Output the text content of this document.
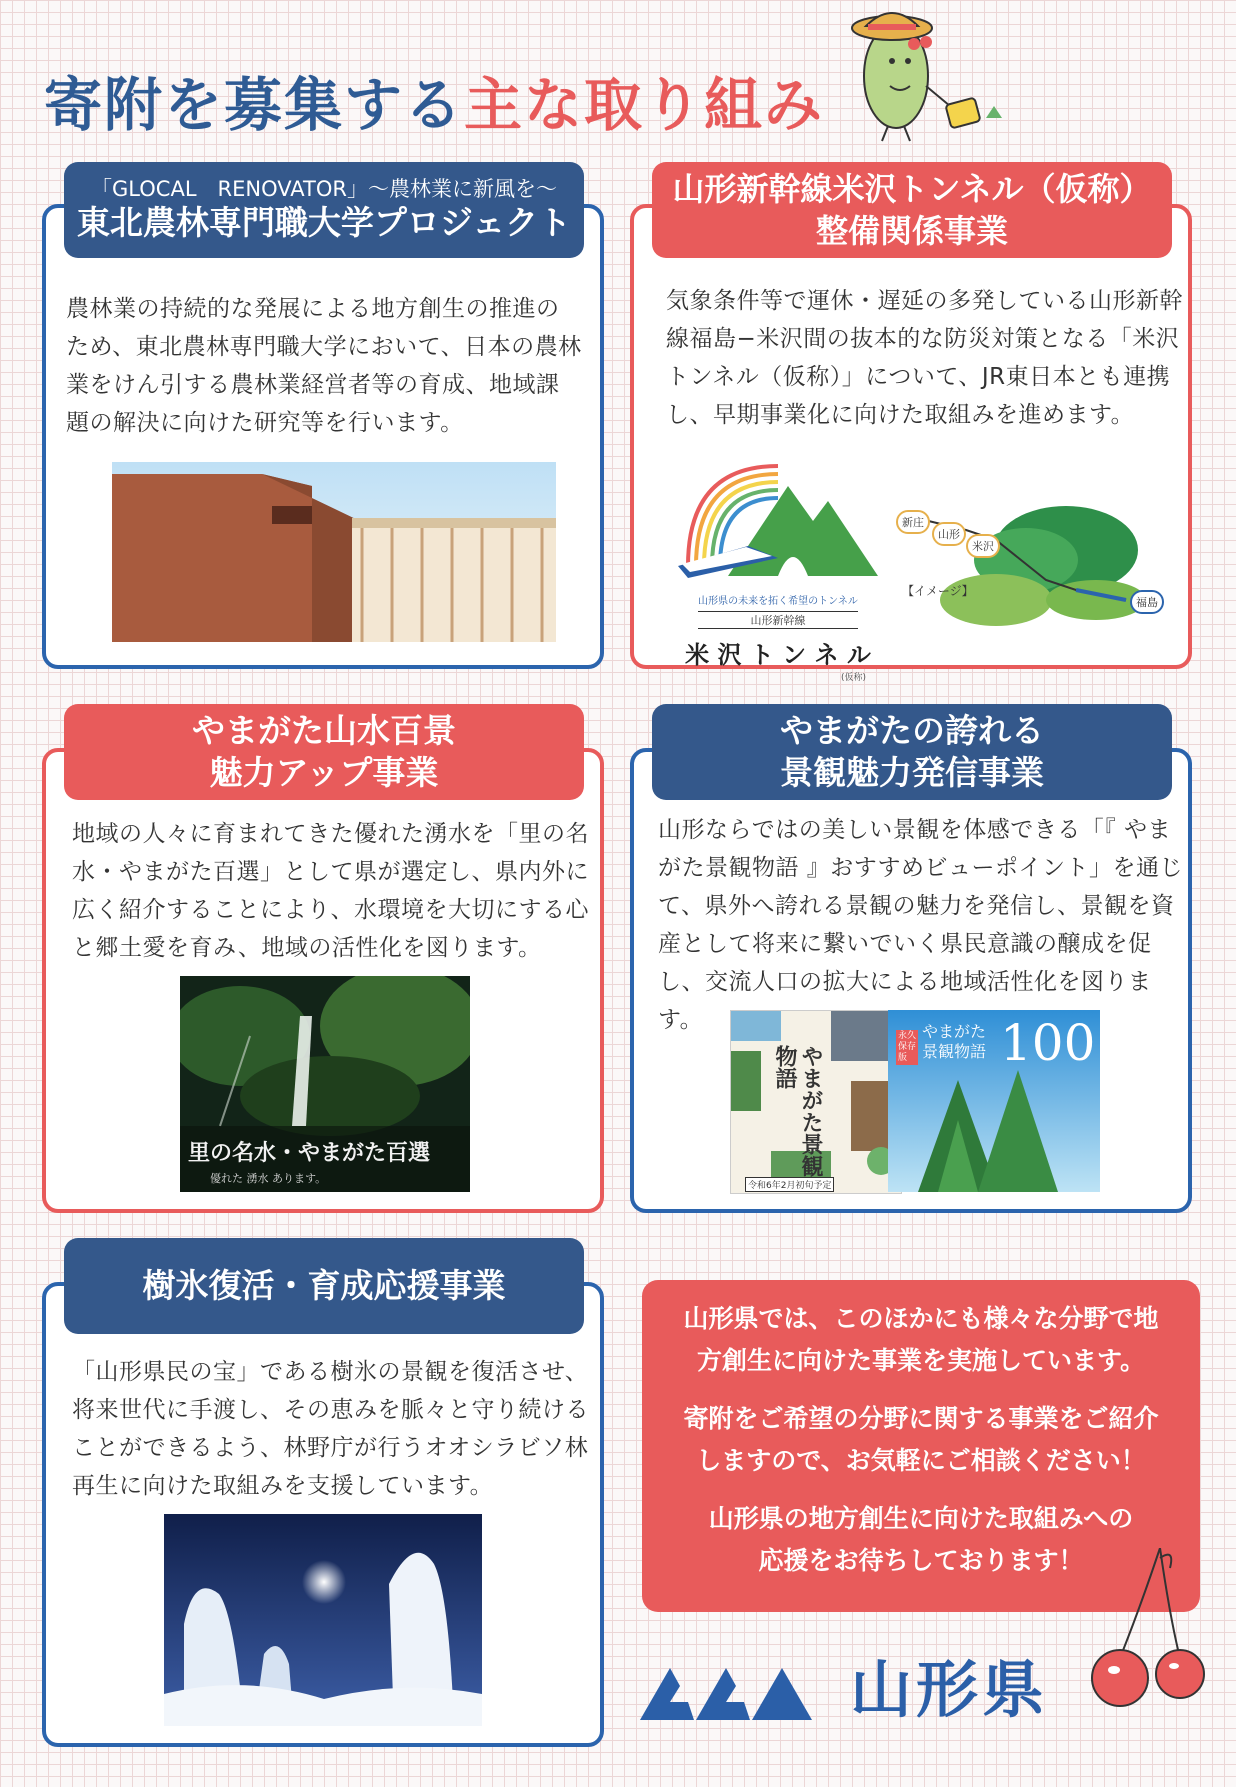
寄附を募集する主な取り組み
「GLOCAL　RENOVATOR」～農林業に新風を～
東北農林専門職大学プロジェクト
農林業の持続的な発展による地方創生の推進のため、東北農林専門職大学において、日本の農林業をけん引する農林業経営者等の育成、地域課題の解決に向けた研究等を行います。
山形新幹線米沢トンネル（仮称）
整備関係事業
気象条件等で運休・遅延の多発している山形新幹線福島−米沢間の抜本的な防災対策となる「米沢トンネル（仮称）」について、JR東日本とも連携し、早期事業化に向けた取組みを進めます。
山形県の未来を拓く希望のトンネル
山形新幹線
米 沢 ト ン ネ ル
(仮称)
新庄
山形
米沢
福島
【イメージ】
やまがた山水百景
魅力アップ事業
地域の人々に育まれてきた優れた湧水を「里の名水・やまがた百選」として県が選定し、県内外に広く紹介することにより、水環境を大切にする心と郷土愛を育み、地域の活性化を図ります。
里の名水・やまがた百選
優れた 湧水 あります。
やまがたの誇れる
景観魅力発信事業
山形ならではの美しい景観を体感できる「『 やまがた景観物語 』おすすめビューポイント」を通じて、県外へ誇れる景観の魅力を発信し、景観を資産として将来に繋いでいく県民意識の醸成を促し、交流人口の拡大による地域活性化を図ります。
やまがた景観物語
令和6年2月初旬予定
永久保存版
やまがた景観物語 100
樹氷復活・育成応援事業
「山形県民の宝」である樹氷の景観を復活させ、将来世代に手渡し、その恵みを脈々と守り続けることができるよう、林野庁が行うオオシラビソ林再生に向けた取組みを支援しています。

山形県では、このほかにも様々な分野で地方創生に向けた事業を実施しています。

寄附をご希望の分野に関する事業をご紹介しますので、お気軽にご相談ください！

山形県の地方創生に向けた取組みへの応援をお待ちしております！

山形県
